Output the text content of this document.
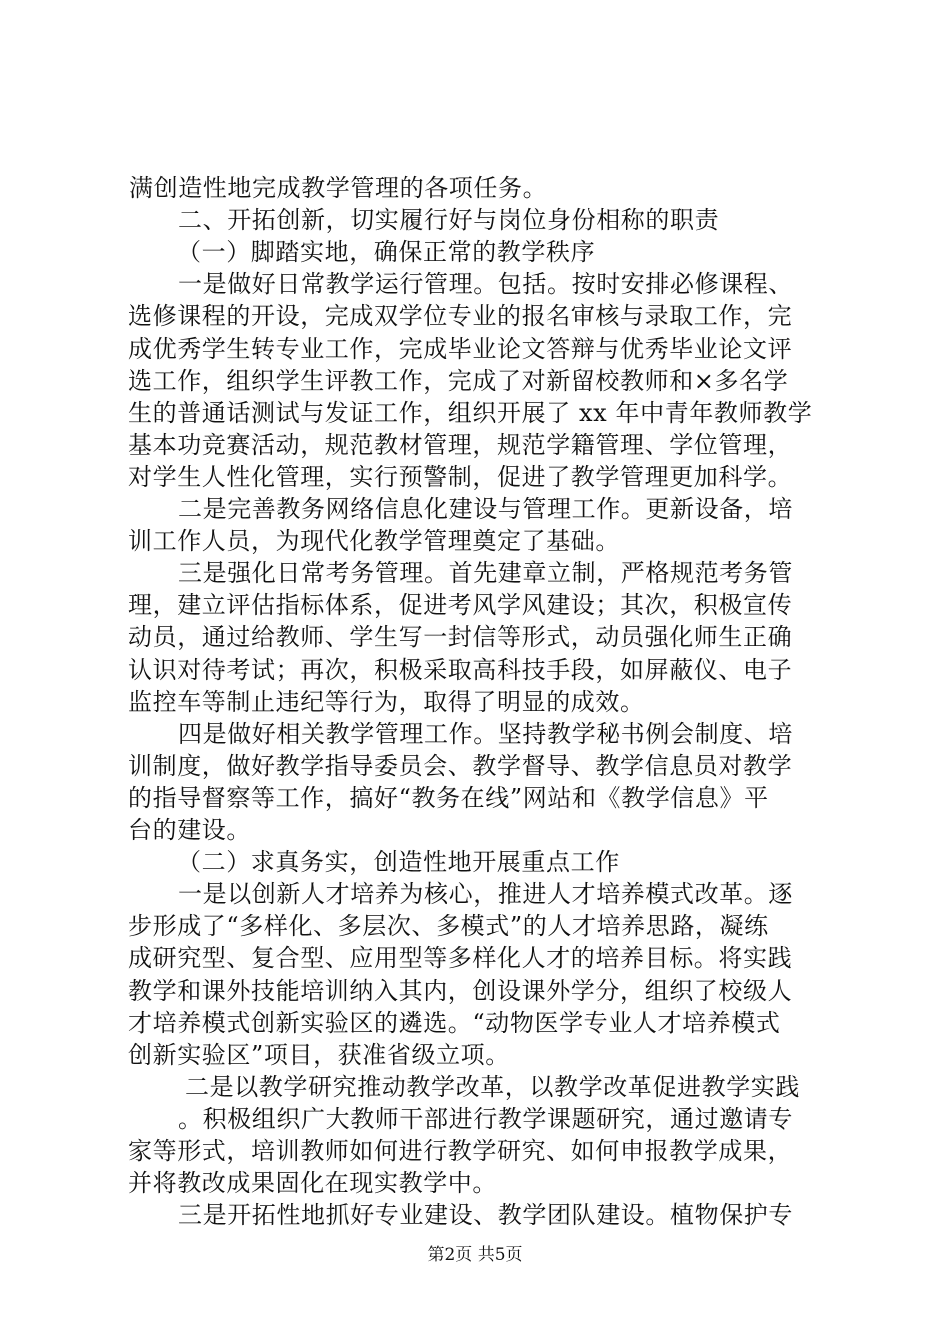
满创造性地完成教学管理的各项任务。
二、开拓创新，切实履行好与岗位身份相称的职责
（一）脚踏实地，确保正常的教学秩序
一是做好日常教学运行管理。包括。按时安排必修课程、
选修课程的开设，完成双学位专业的报名审核与录取工作，完
成优秀学生转专业工作，完成毕业论文答辩与优秀毕业论文评
选工作，组织学生评教工作，完成了对新留校教师和×多名学
生的普通话测试与发证工作，组织开展了 xx 年中青年教师教学
基本功竞赛活动，规范教材管理，规范学籍管理、学位管理，
对学生人性化管理，实行预警制，促进了教学管理更加科学。
二是完善教务网络信息化建设与管理工作。更新设备，培
训工作人员，为现代化教学管理奠定了基础。
三是强化日常考务管理。首先建章立制，严格规范考务管
理，建立评估指标体系，促进考风学风建设；其次，积极宣传
动员，通过给教师、学生写一封信等形式，动员强化师生正确
认识对待考试；再次，积极采取高科技手段，如屏蔽仪、电子
监控车等制止违纪等行为，取得了明显的成效。
四是做好相关教学管理工作。坚持教学秘书例会制度、培
训制度，做好教学指导委员会、教学督导、教学信息员对教学
的指导督察等工作，搞好“教务在线”网站和《教学信息》平
台的建设。
（二）求真务实，创造性地开展重点工作
一是以创新人才培养为核心，推进人才培养模式改革。逐
步形成了“多样化、多层次、多模式”的人才培养思路，凝练
成研究型、复合型、应用型等多样化人才的培养目标。将实践
教学和课外技能培训纳入其内，创设课外学分，组织了校级人
才培养模式创新实验区的遴选。“动物医学专业人才培养模式
创新实验区”项目，获准省级立项。
二是以教学研究推动教学改革，以教学改革促进教学实践
。积极组织广大教师干部进行教学课题研究，通过邀请专
家等形式，培训教师如何进行教学研究、如何申报教学成果，
并将教改成果固化在现实教学中。
三是开拓性地抓好专业建设、教学团队建设。植物保护专
第2页 共5页
